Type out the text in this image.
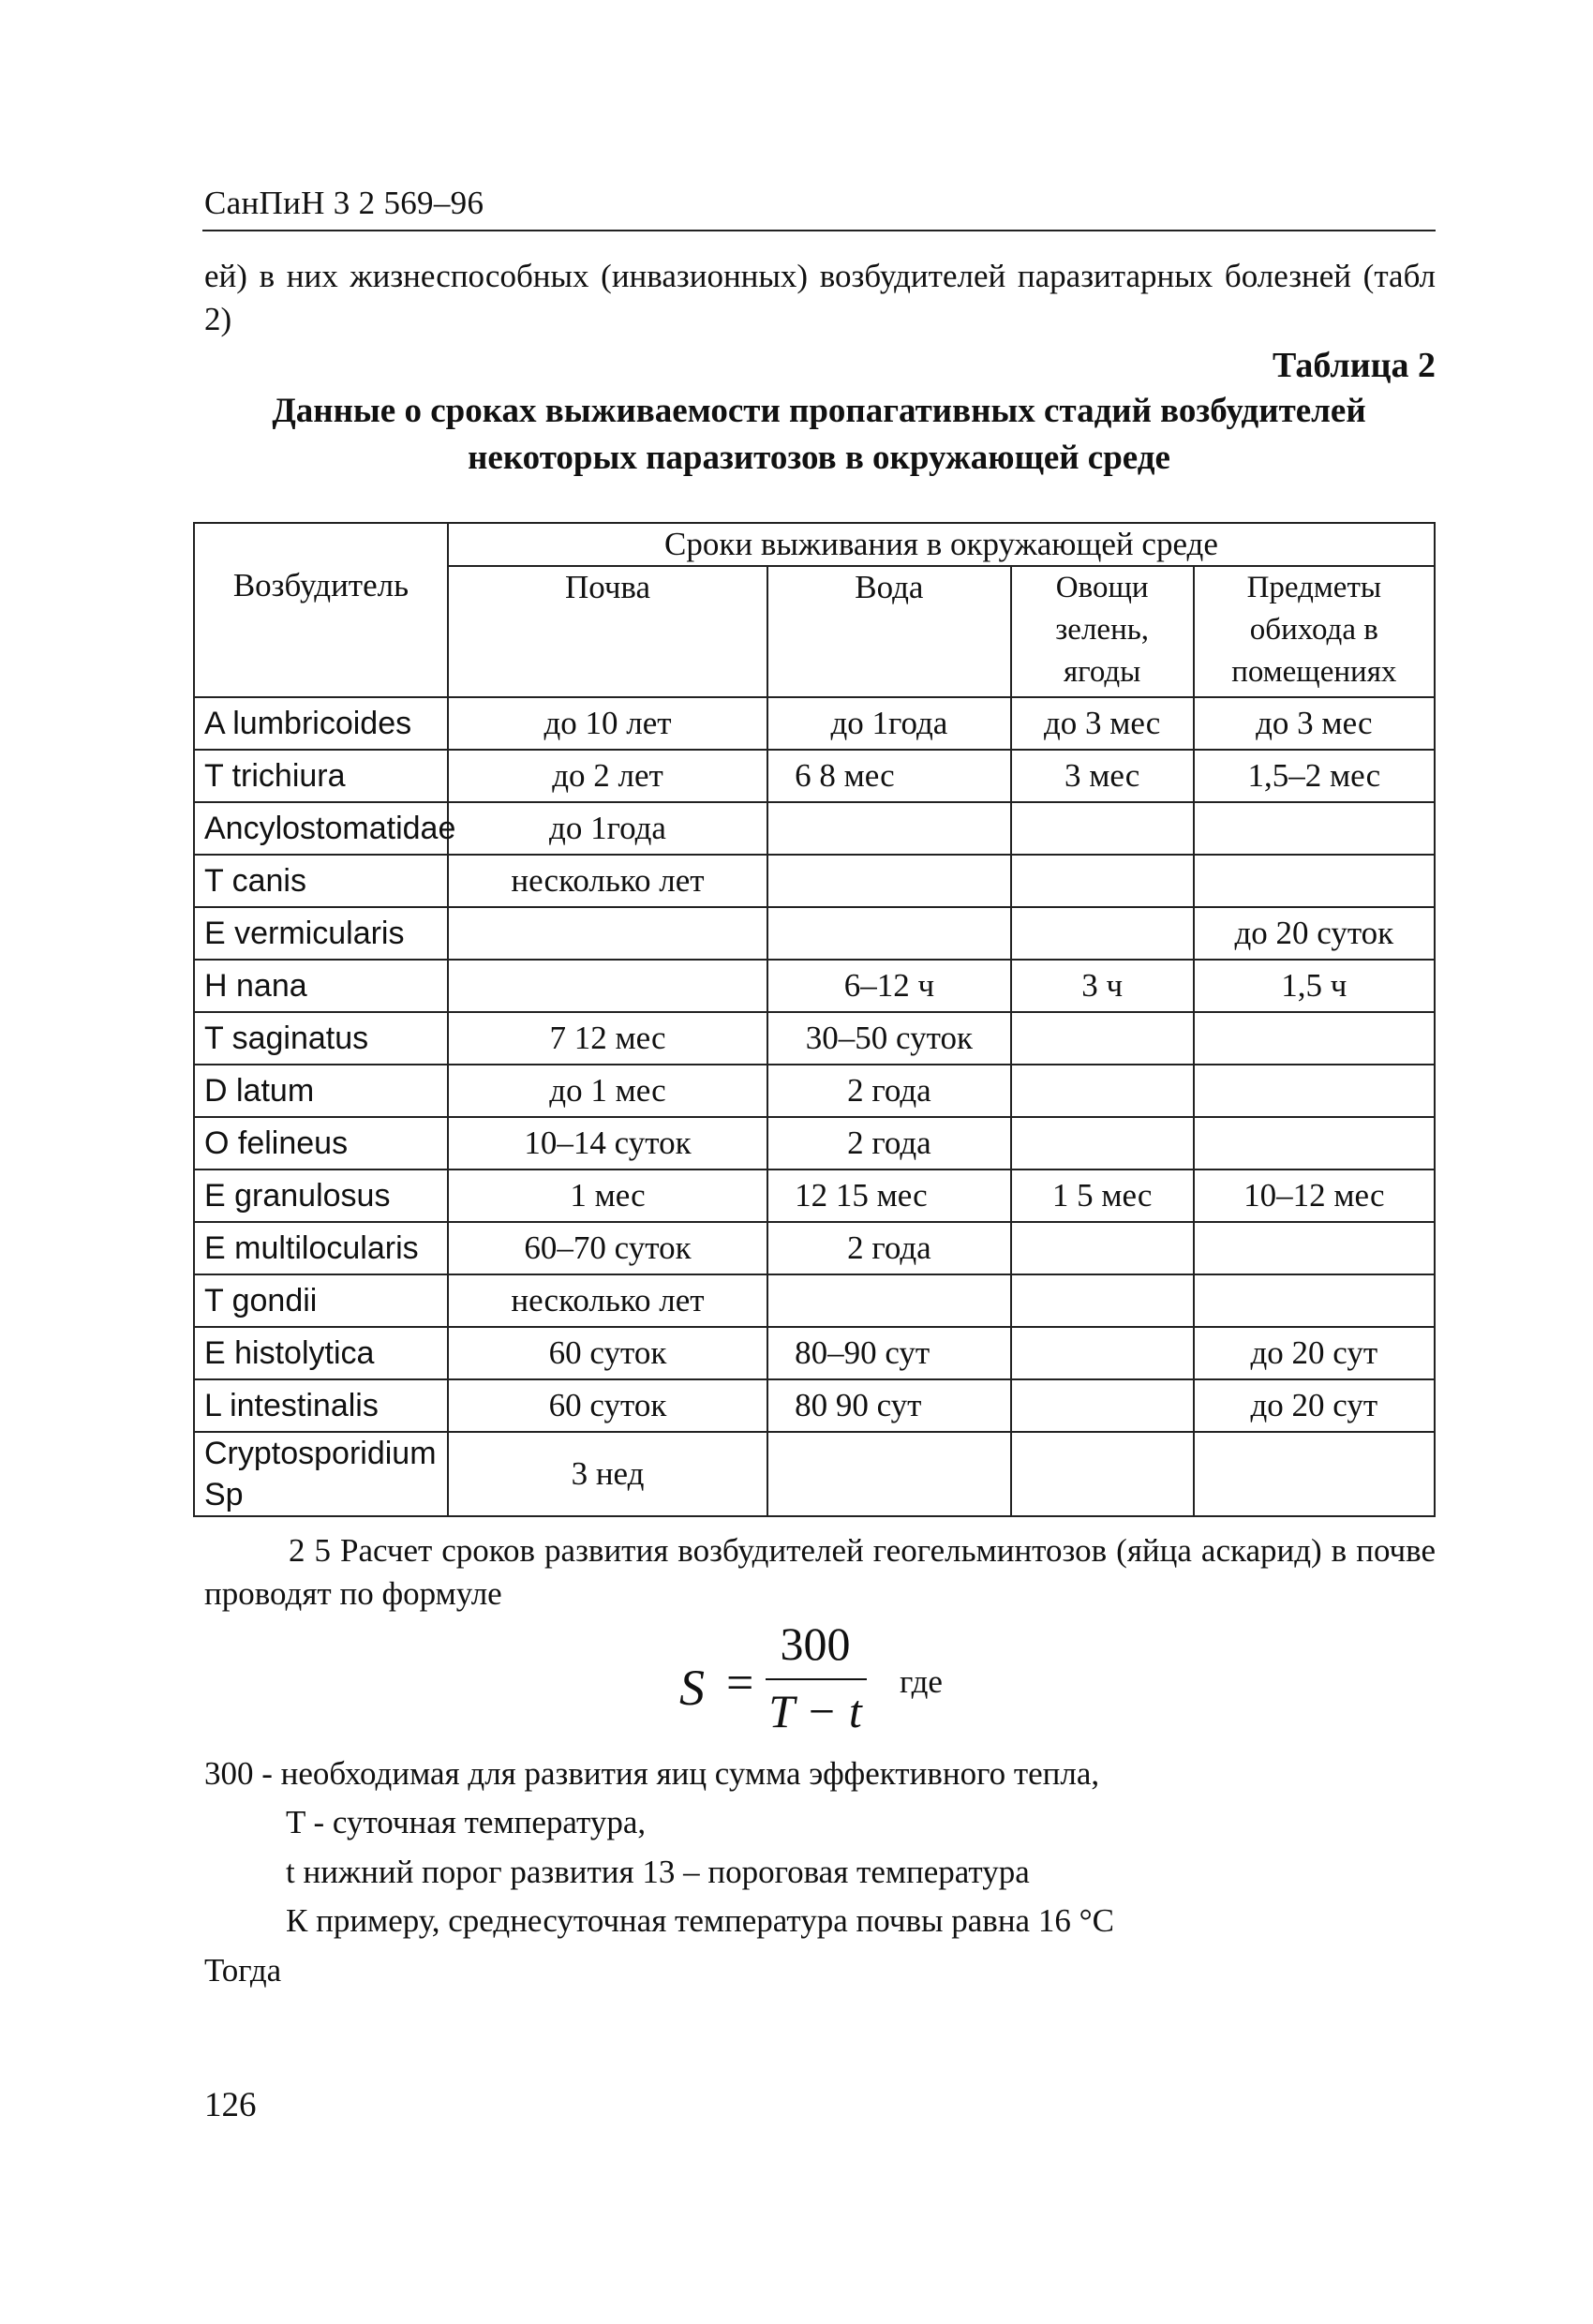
СанПиН 3 2 569–96
ей) в них жизнеспособных (инвазионных) возбудителей паразитарных болезней (табл 2)
Таблица 2
Данные о сроках выживаемости пропагативных стадий возбудителей
некоторых паразитозов в окружающей среде
Возбудитель	Сроки выживания в окружающей среде			
	Почва	Вода	Овощи зелень, ягоды	Предметы обихода в помещениях
A lumbricoides	до 10 лет	до 1года	до 3 мес	до 3 мес
T trichiura	до 2 лет	6 8 мес	3 мес	1,5–2 мес
Ancylostomatidae	до 1года			
T canis	несколько лет			
E vermicularis				до 20 суток
H nana		6–12 ч	3 ч	1,5 ч
T saginatus	7 12 мес	30–50 суток		
D latum	до 1 мес	2 года		
O felineus	10–14 суток	2 года		
E granulosus	1 мес	12 15 мес	1 5 мес	10–12 мес
E multilocularis	60–70 суток	2 года		
T gondii	несколько лет			
E histolytica	60 суток	80–90 сут		до 20 сут
L intestinalis	60 суток	80 90 сут		до 20 сут
Cryptosporidium Sp	3 нед			
2 5 Расчет сроков развития возбудителей геогельминтозов (яйца аскарид) в почве проводят по формуле
S =
300
T − t
где
300 - необходимая для развития яиц сумма эффективного тепла,
T - суточная температура,
t нижний порог развития 13 – пороговая температура
К примеру, среднесуточная температура почвы равна 16 °С
Тогда
126
